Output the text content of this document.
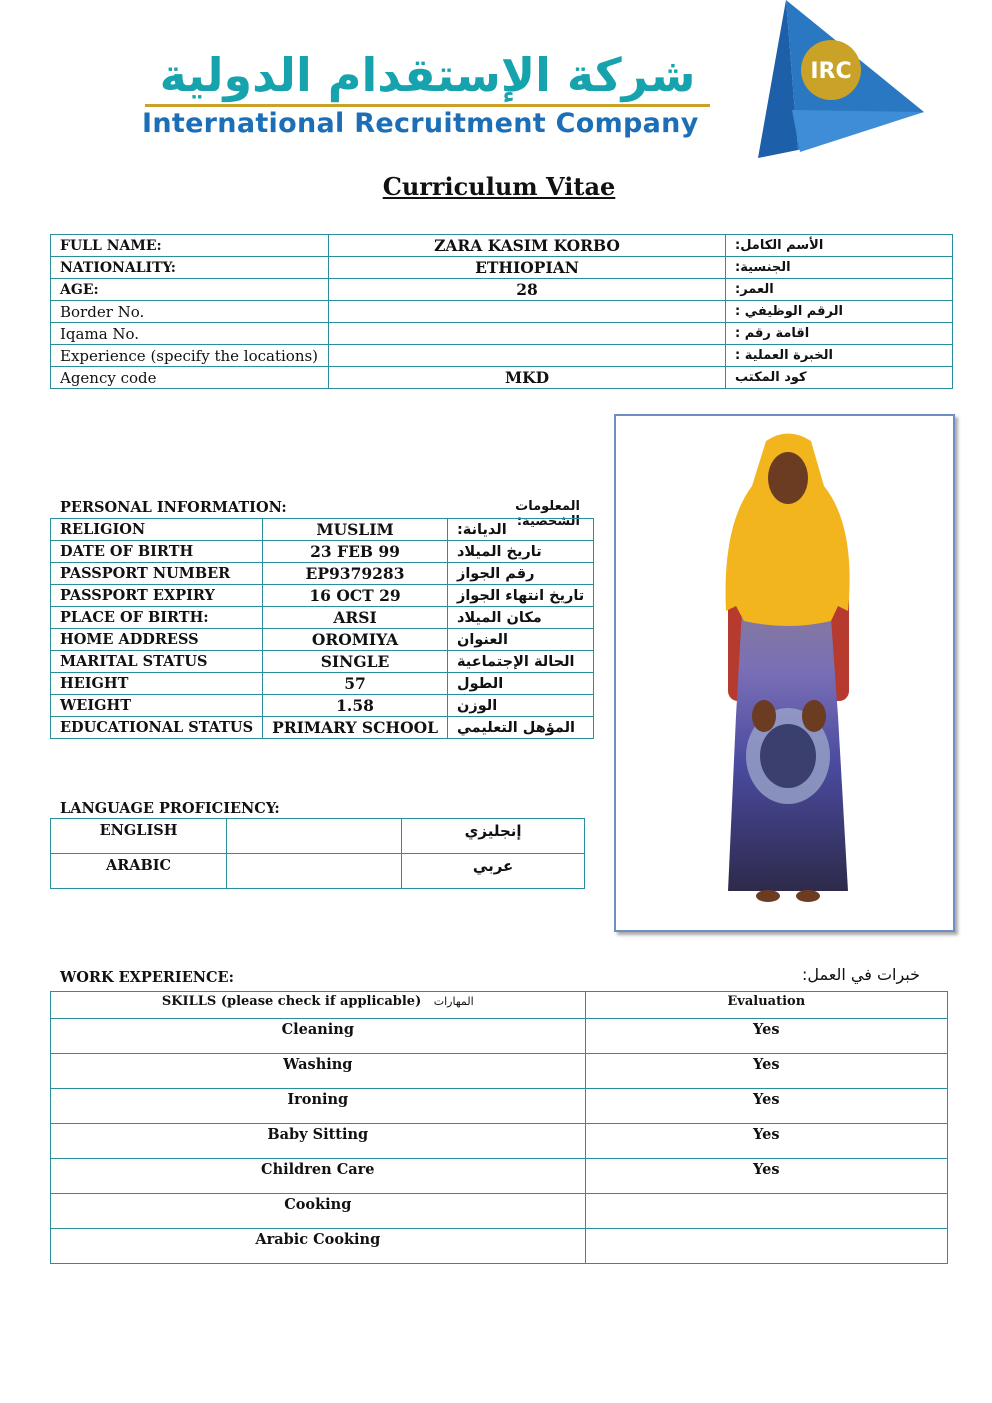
شركة الإستقدام الدولية
International Recruitment Company
IRC
Curriculum Vitae
FULL NAME:	ZARA KASIM KORBO	الأسم الكامل:
NATIONALITY:	ETHIOPIAN	الجنسية:
AGE:	28	العمر:
Border No.		الرقم الوظيفي :
Iqama No.		اقامة رقم :
Experience (specify the locations)		الخبرة العملية :
Agency code	MKD	كود المكتب
PERSONAL INFORMATION:	المعلومات الشخصية:
RELIGION	MUSLIM	الديانة:
DATE OF BIRTH	23 FEB 99	تاريخ الميلاد
PASSPORT NUMBER	EP9379283	رقم الجواز
PASSPORT EXPIRY	16 OCT 29	تاريخ انتهاء الجواز
PLACE OF BIRTH:	ARSI	مكان الميلاد
HOME ADDRESS	OROMIYA	العنوان
MARITAL STATUS	SINGLE	الحالة الإجتماعية
HEIGHT	57	الطول
WEIGHT	1.58	الوزن
EDUCATIONAL STATUS	PRIMARY SCHOOL	المؤهل التعليمي
LANGUAGE PROFICIENCY:
ENGLISH		إنجليزي
ARABIC		عربي
WORK EXPERIENCE:	خبرات في العمل:
SKILLS (please check if applicable) المهارات	Evaluation
Cleaning	Yes
Washing	Yes
Ironing	Yes
Baby Sitting	Yes
Children Care	Yes
Cooking	
Arabic Cooking	
